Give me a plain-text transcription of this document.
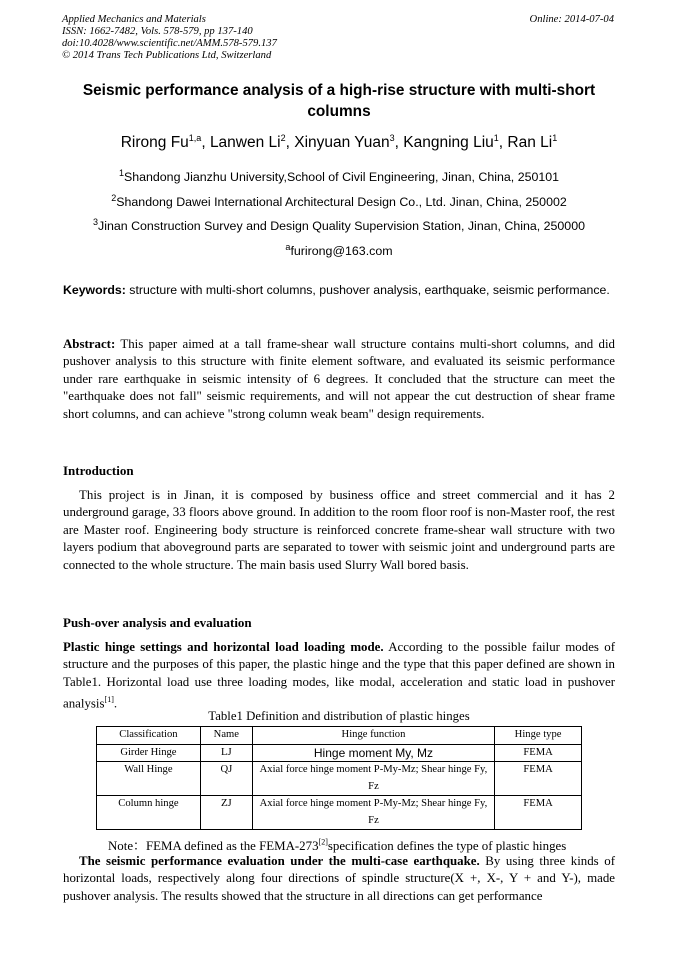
Applied Mechanics and Materials
ISSN: 1662-7482, Vols. 578-579, pp 137-140
doi:10.4028/www.scientific.net/AMM.578-579.137
© 2014 Trans Tech Publications Ltd, Switzerland
Online: 2014-07-04
Seismic performance analysis of a high-rise structure with multi-short columns
Rirong Fu$^{1,a}$, Lanwen Li$^2$, Xinyuan Yuan$^3$, Kangning Liu$^1$, Ran Li$^1$
$^1$Shandong Jianzhu University,School of Civil Engineering, Jinan, China, 250101
$^2$Shandong Dawei International Architectural Design Co., Ltd. Jinan, China, 250002
$^3$Jinan Construction Survey and Design Quality Supervision Station, Jinan, China, 250000
$^a$furirong@163.com
Keywords: structure with multi-short columns, pushover analysis, earthquake, seismic performance.
Abstract: This paper aimed at a tall frame-shear wall structure contains multi-short columns, and did pushover analysis to this structure with finite element software, and evaluated its seismic performance under rare earthquake in seismic intensity of 6 degrees. It concluded that the structure can meet the "earthquake does not fall" seismic requirements, and will not appear the cut destruction of shear frame short columns, and can achieve "strong column weak beam" design requirements.
Introduction
This project is in Jinan, it is composed by business office and street commercial and it has 2 underground garage, 33 floors above ground. In addition to the room floor roof is non-Master roof, the rest are Master roof. Engineering body structure is reinforced concrete frame-shear wall structure with two layers podium that aboveground parts are separated to tower with seismic joint and underground parts are connected to the whole structure. The main basis used Slurry Wall bored basis.
Push-over analysis and evaluation
Plastic hinge settings and horizontal load loading mode. According to the possible failur modes of structure and the purposes of this paper, the plastic hinge and the type that this paper defined are shown in Table1. Horizontal load use three loading modes, like modal, acceleration and static load in pushover analysis[1].
Table1 Definition and distribution of plastic hinges
Classification	Name	Hinge function	Hinge type
Girder Hinge	LJ	Hinge moment My, Mz	FEMA
Wall Hinge	QJ	Axial force hinge moment P-My-Mz; Shear hinge Fy, Fz	FEMA
Column hinge	ZJ	Axial force hinge moment P-My-Mz; Shear hinge Fy, Fz	FEMA
Note：FEMA defined as the FEMA-273[2]specification defines the type of plastic hinges
The seismic performance evaluation under the multi-case earthquake. By using three kinds of horizontal loads, respectively along four directions of spindle structure(X +, X-, Y + and Y-), made pushover analysis. The results showed that the structure in all directions can get performance
